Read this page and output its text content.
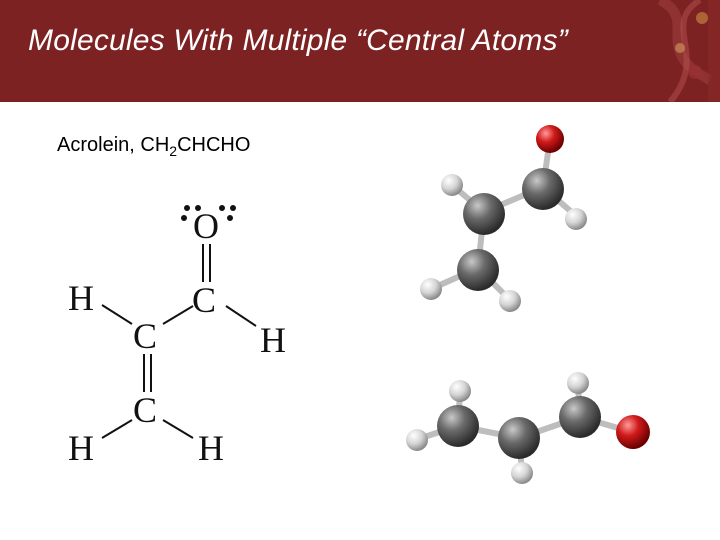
Molecules With Multiple “Central Atoms”
Acrolein, $CH_2CHCHO$
O
C
H
H
C
C
H	H
